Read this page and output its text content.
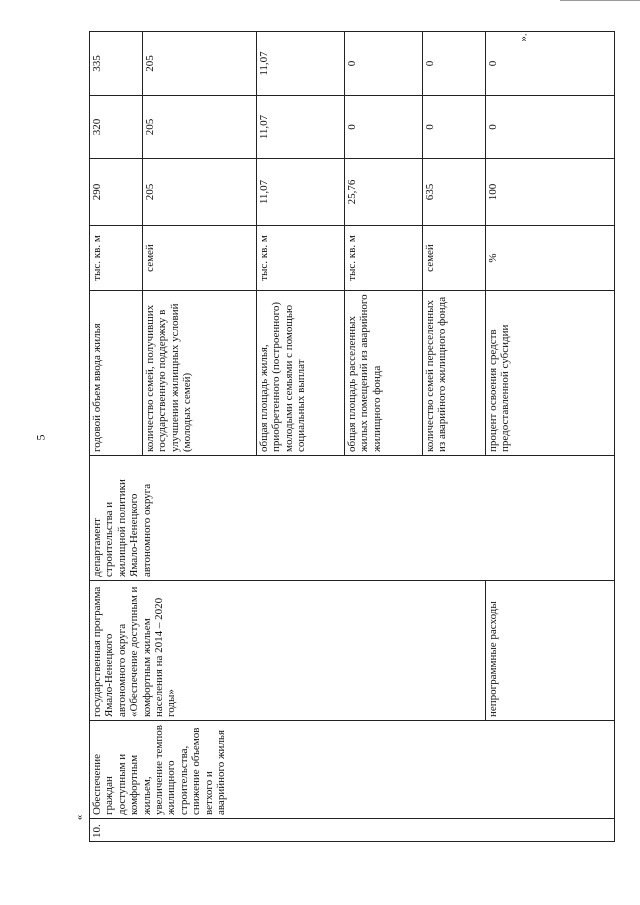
5
«
».
10.	Обеспечение граждан доступным и комфортным жильем, увеличение темпов жилищного строительства, снижение объемов ветхого и аварийного жилья	государственная программа Ямало-Ненецкого автономного округа «Обеспечение доступным и комфортным жильем населения на 2014 – 2020 годы»	департамент строительства и жилищной политики Ямало-Ненецкого автономного округа	годовой объем ввода жилья	тыс. кв. м	290	320	335
				количество семей, получивших государственную поддержку в улучшении жилищных условий (молодых семей)	семей	205	205	205
				общая площадь жилья, приобретенного (построенного) молодыми семьями с помощью социальных выплат	тыс. кв. м	11,07	11,07	11,07
				общая площадь расселенных жилых помещений из аварийного жилищного фонда	тыс. кв. м	25,76	0	0
				количество семей переселенных из аварийного жилищного фонда	семей	635	0	0
		непрограммные расходы		процент освоения средств предоставленной субсидии	%	100	0	0
